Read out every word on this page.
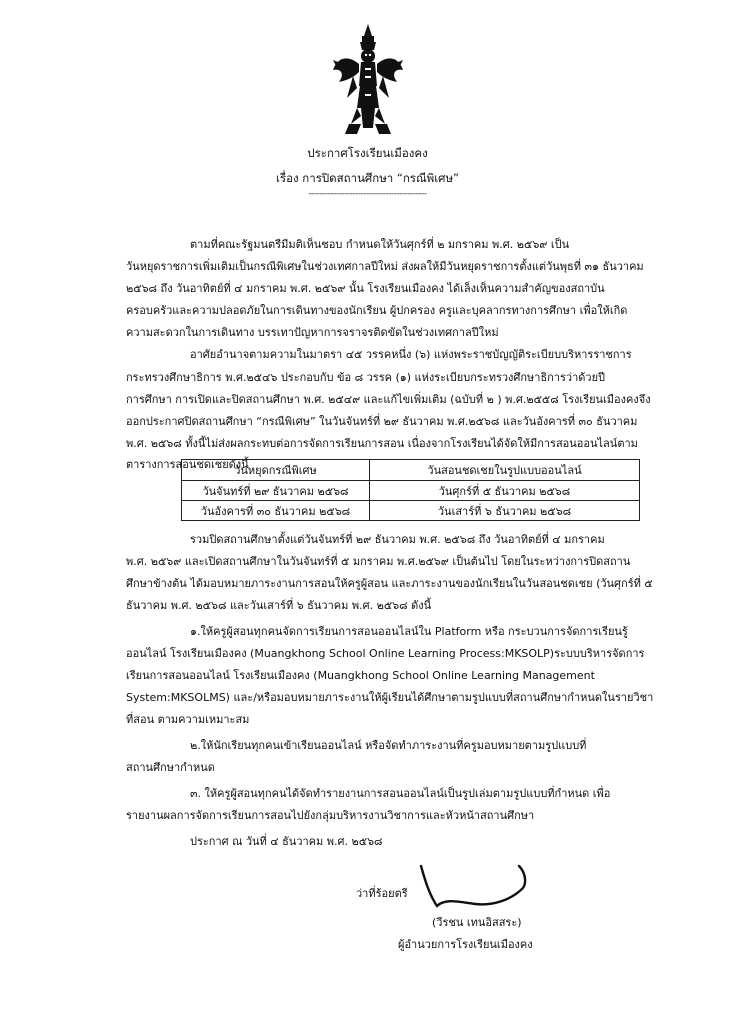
ประกาศโรงเรียนเมืองคง
เรื่อง การปิดสถานศึกษา “กรณีพิเศษ”
-------------------------------------------
ตามที่คณะรัฐมนตรีมีมติเห็นชอบ กำหนดให้วันศุกร์ที่ ๒ มกราคม พ.ศ. ๒๕๖๙ เป็น
วันหยุดราชการเพิ่มเติมเป็นกรณีพิเศษในช่วงเทศกาลปีใหม่ ส่งผลให้มีวันหยุดราชการตั้งแต่วันพุธที่ ๓๑ ธันวาคม
๒๕๖๘ ถึง วันอาทิตย์ที่ ๔ มกราคม พ.ศ. ๒๕๖๙ นั้น โรงเรียนเมืองคง ได้เล็งเห็นความสำคัญของสถาบัน
ครอบครัวและความปลอดภัยในการเดินทางของนักเรียน ผู้ปกครอง ครูและบุคลากรทางการศึกษา เพื่อให้เกิด
ความสะดวกในการเดินทาง บรรเทาปัญหาการจราจรติดขัดในช่วงเทศกาลปีใหม่
อาศัยอำนาจตามความในมาตรา ๔๕ วรรคหนึ่ง (๖) แห่งพระราชบัญญัติระเบียบบริหารราชการ
กระทรวงศึกษาธิการ พ.ศ.๒๕๔๖ ประกอบกับ ข้อ ๘ วรรค (๑) แห่งระเบียบกระทรวงศึกษาธิการว่าด้วยปี
การศึกษา การเปิดและปิดสถานศึกษา พ.ศ. ๒๕๔๙ และแก้ไขเพิ่มเติม (ฉบับที่ ๒ ) พ.ศ.๒๕๕๘ โรงเรียนเมืองคงจึง
ออกประกาศปิดสถานศึกษา “กรณีพิเศษ” ในวันจันทร์ที่ ๒๙ ธันวาคม พ.ศ.๒๕๖๘ และวันอังคารที่ ๓๐ ธันวาคม
พ.ศ. ๒๕๖๘ ทั้งนี้ไม่ส่งผลกระทบต่อการจัดการเรียนการสอน เนื่องจากโรงเรียนได้จัดให้มีการสอนออนไลน์ตาม
ตารางการสอนชดเชยดังนี้
วันหยุดกรณีพิเศษ	วันสอนชดเชยในรูปแบบออนไลน์
วันจันทร์ที่ ๒๙ ธันวาคม ๒๕๖๘	วันศุกร์ที่ ๕ ธันวาคม ๒๕๖๘
วันอังคารที่ ๓๐ ธันวาคม ๒๕๖๘	วันเสาร์ที่ ๖ ธันวาคม ๒๕๖๘
รวมปิดสถานศึกษาตั้งแต่วันจันทร์ที่ ๒๙ ธันวาคม พ.ศ. ๒๕๖๘ ถึง วันอาทิตย์ที่ ๔ มกราคม
พ.ศ. ๒๕๖๙ และเปิดสถานศึกษาในวันจันทร์ที่ ๕ มกราคม พ.ศ.๒๕๖๙ เป็นต้นไป โดยในระหว่างการปิดสถาน
ศึกษาข้างต้น ได้มอบหมายภาระงานการสอนให้ครูผู้สอน และภาระงานของนักเรียนในวันสอนชดเชย (วันศุกร์ที่ ๕
ธันวาคม พ.ศ. ๒๕๖๘ และวันเสาร์ที่ ๖ ธันวาคม พ.ศ. ๒๕๖๘ ดังนี้
๑.ให้ครูผู้สอนทุกคนจัดการเรียนการสอนออนไลน์ใน Platform หรือ กระบวนการจัดการเรียนรู้
ออนไลน์ โรงเรียนเมืองคง (Muangkhong School Online Learning Process:MKSOLP)ระบบบริหารจัดการ
เรียนการสอนออนไลน์ โรงเรียนเมืองคง (Muangkhong School Online Learning Management
System:MKSOLMS) และ/หรือมอบหมายภาระงานให้ผู้เรียนได้ศึกษาตามรูปแบบที่สถานศึกษากำหนดในรายวิชา
ที่สอน ตามความเหมาะสม
๒.ให้นักเรียนทุกคนเข้าเรียนออนไลน์ หรือจัดทำภาระงานที่ครูมอบหมายตามรูปแบบที่
สถานศึกษากำหนด
๓. ให้ครูผู้สอนทุกคนได้จัดทำรายงานการสอนออนไลน์เป็นรูปเล่มตามรูปแบบที่กำหนด เพื่อ
รายงานผลการจัดการเรียนการสอนไปยังกลุ่มบริหารงานวิชาการและหัวหน้าสถานศึกษา
ประกาศ ณ วันที่ ๔ ธันวาคม พ.ศ. ๒๕๖๘
ว่าที่ร้อยตรี
(วีรชน เทนอิสสระ)
ผู้อำนวยการโรงเรียนเมืองคง
